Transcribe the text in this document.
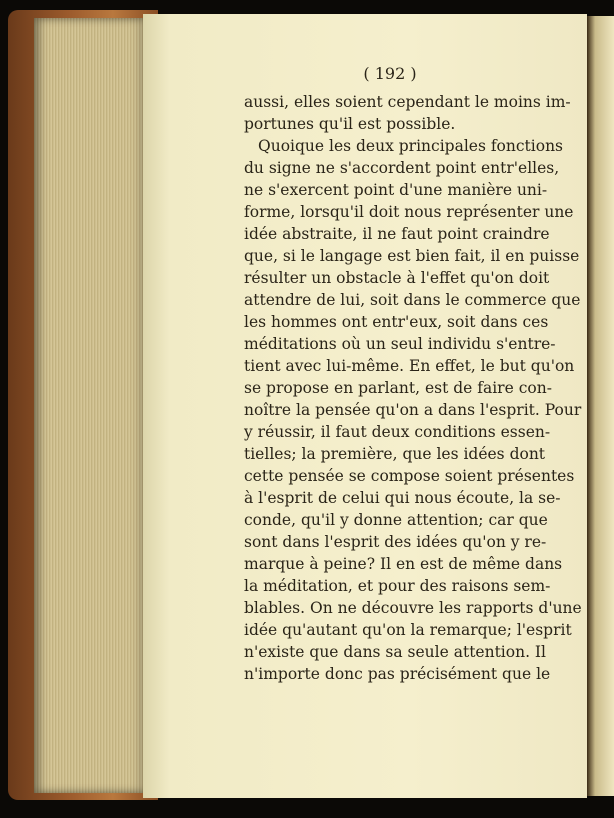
( 192 )
aussi, elles soient cependant le moins im-
portunes qu'il est possible.
Quoique les deux principales fonctions
du signe ne s'accordent point entr'elles,
ne s'exercent point d'une manière uni-
forme, lorsqu'il doit nous représenter une
idée abstraite, il ne faut point craindre
que, si le langage est bien fait, il en puisse
résulter un obstacle à l'effet qu'on doit
attendre de lui, soit dans le commerce que
les hommes ont entr'eux, soit dans ces
méditations où un seul individu s'entre-
tient avec lui-même. En effet, le but qu'on
se propose en parlant, est de faire con-
noître la pensée qu'on a dans l'esprit. Pour
y réussir, il faut deux conditions essen-
tielles; la première, que les idées dont
cette pensée se compose soient présentes
à l'esprit de celui qui nous écoute, la se-
conde, qu'il y donne attention; car que
sont dans l'esprit des idées qu'on y re-
marque à peine? Il en est de même dans
la méditation, et pour des raisons sem-
blables. On ne découvre les rapports d'une
idée qu'autant qu'on la remarque; l'esprit
n'existe que dans sa seule attention. Il
n'importe donc pas précisément que le
